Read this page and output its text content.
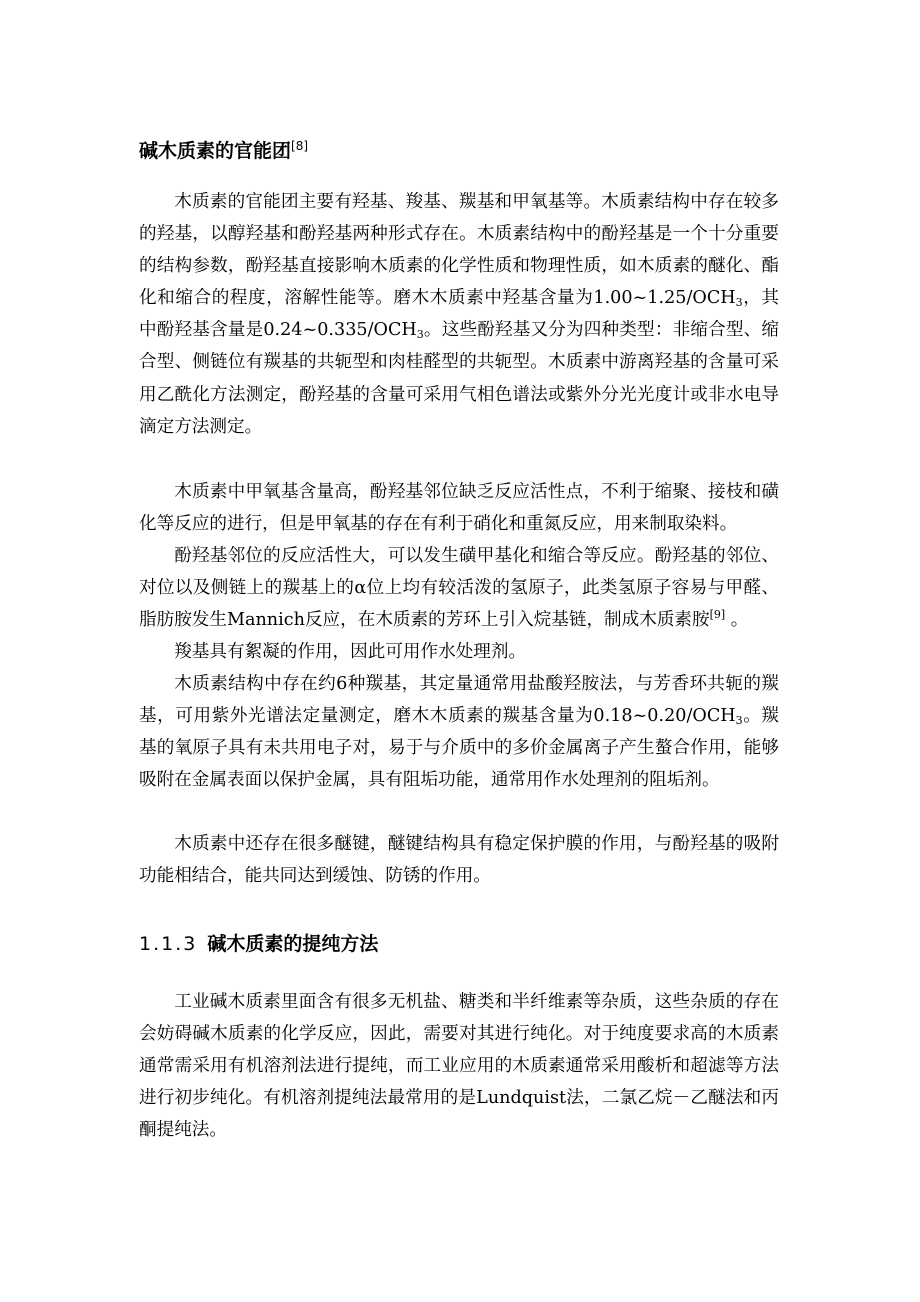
碱木质素的官能团[8]

木质素的官能团主要有羟基、羧基、羰基和甲氧基等。木质素结构中存在较多的羟基，以醇羟基和酚羟基两种形式存在。木质素结构中的酚羟基是一个十分重要的结构参数，酚羟基直接影响木质素的化学性质和物理性质，如木质素的醚化、酯化和缩合的程度，溶解性能等。磨木木质素中羟基含量为$1.00\sim 1.25/OCH_3$，其中酚羟基含量是$0.24\sim 0.335/OCH_3$。这些酚羟基又分为四种类型：非缩合型、缩合型、侧链位有羰基的共轭型和肉桂醛型的共轭型。木质素中游离羟基的含量可采用乙酰化方法测定，酚羟基的含量可采用气相色谱法或紫外分光光度计或非水电导滴定方法测定。

木质素中甲氧基含量高，酚羟基邻位缺乏反应活性点，不利于缩聚、接枝和磺化等反应的进行，但是甲氧基的存在有利于硝化和重氮反应，用来制取染料。

酚羟基邻位的反应活性大，可以发生磺甲基化和缩合等反应。酚羟基的邻位、对位以及侧链上的羰基上的α位上均有较活泼的氢原子，此类氢原子容易与甲醛、脂肪胺发生Mannich反应，在木质素的芳环上引入烷基链，制成木质素胺[9] 。

羧基具有絮凝的作用，因此可用作水处理剂。

木质素结构中存在约6种羰基，其定量通常用盐酸羟胺法，与芳香环共轭的羰基，可用紫外光谱法定量测定，磨木木质素的羰基含量为$0.18\sim 0.20/OCH_3$。羰基的氧原子具有未共用电子对，易于与介质中的多价金属离子产生螯合作用，能够吸附在金属表面以保护金属，具有阻垢功能，通常用作水处理剂的阻垢剂。

木质素中还存在很多醚键，醚键结构具有稳定保护膜的作用，与酚羟基的吸附功能相结合，能共同达到缓蚀、防锈的作用。

1.1.3 碱木质素的提纯方法

工业碱木质素里面含有很多无机盐、糖类和半纤维素等杂质，这些杂质的存在会妨碍碱木质素的化学反应，因此，需要对其进行纯化。对于纯度要求高的木质素通常需采用有机溶剂法进行提纯，而工业应用的木质素通常采用酸析和超滤等方法进行初步纯化。有机溶剂提纯法最常用的是Lundquist法，二氯乙烷－乙醚法和丙酮提纯法。
